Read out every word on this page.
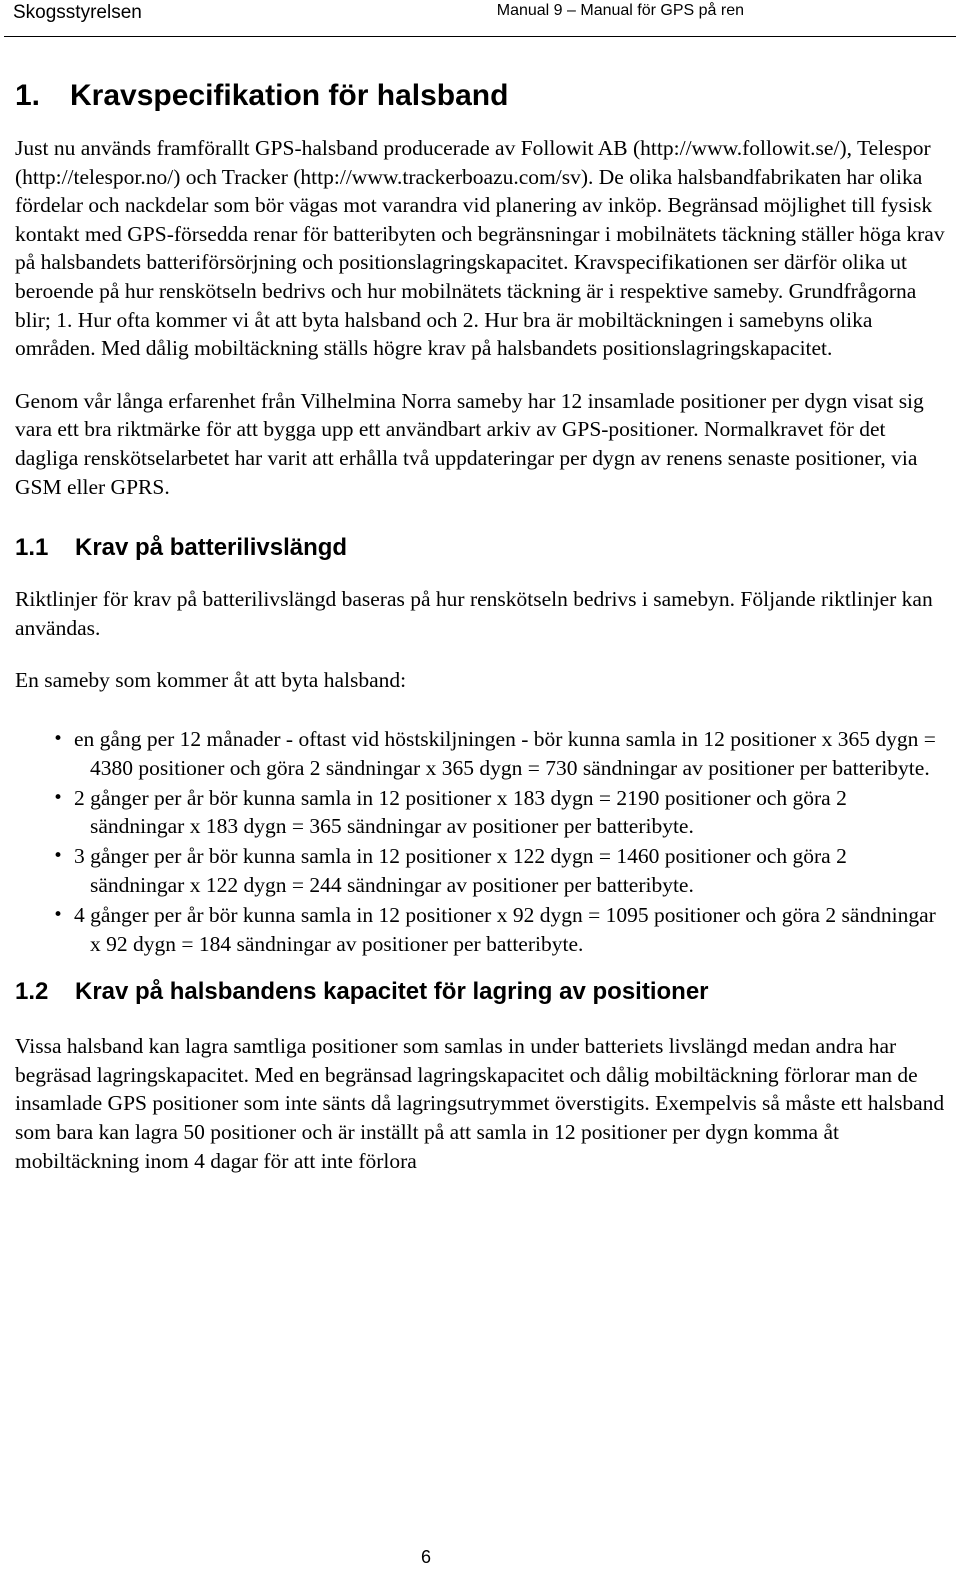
Skogsstyrelsen	Manual 9 – Manual för GPS på ren
1. Kravspecifikation för halsband

Just nu används framförallt GPS-halsband producerade av Followit AB (http://www.followit.se/), Telespor (http://telespor.no/) och Tracker (http://www.trackerboazu.com/sv). De olika halsbandfabrikaten har olika fördelar och nackdelar som bör vägas mot varandra vid planering av inköp. Begränsad möjlighet till fysisk kontakt med GPS-försedda renar för batteribyten och begränsningar i mobilnätets täckning ställer höga krav på halsbandets batteriförsörjning och positionslagringskapacitet. Kravspecifikationen ser därför olika ut beroende på hur renskötseln bedrivs och hur mobilnätets täckning är i respektive sameby. Grundfrågorna blir; 1. Hur ofta kommer vi åt att byta halsband och 2. Hur bra är mobiltäckningen i samebyns olika områden. Med dålig mobiltäckning ställs högre krav på halsbandets positionslagringskapacitet.

Genom vår långa erfarenhet från Vilhelmina Norra sameby har 12 insamlade positioner per dygn visat sig vara ett bra riktmärke för att bygga upp ett användbart arkiv av GPS-positioner. Normalkravet för det dagliga renskötselarbetet har varit att erhålla två uppdateringar per dygn av renens senaste positioner, via GSM eller GPRS.

1.1 Krav på batterilivslängd

Riktlinjer för krav på batterilivslängd baseras på hur renskötseln bedrivs i samebyn. Följande riktlinjer kan användas.

En sameby som kommer åt att byta halsband:

• en gång per 12 månader - oftast vid höstskiljningen - bör kunna samla in 12 positioner x 365 dygn = 4380 positioner och göra 2 sändningar x 365 dygn = 730 sändningar av positioner per batteribyte.
• 2 gånger per år bör kunna samla in 12 positioner x 183 dygn = 2190 positioner och göra 2 sändningar x 183 dygn = 365 sändningar av positioner per batteribyte.
• 3 gånger per år bör kunna samla in 12 positioner x 122 dygn = 1460 positioner och göra 2 sändningar x 122 dygn = 244 sändningar av positioner per batteribyte.
• 4 gånger per år bör kunna samla in 12 positioner x 92 dygn = 1095 positioner och göra 2 sändningar x 92 dygn = 184 sändningar av positioner per batteribyte.
1.2 Krav på halsbandens kapacitet för lagring av positioner

Vissa halsband kan lagra samtliga positioner som samlas in under batteriets livslängd medan andra har begräsad lagringskapacitet. Med en begränsad lagringskapacitet och dålig mobiltäckning förlorar man de insamlade GPS positioner som inte sänts då lagringsutrymmet överstigits. Exempelvis så måste ett halsband som bara kan lagra 50 positioner och är inställt på att samla in 12 positioner per dygn komma åt mobiltäckning inom 4 dagar för att inte förlora

6
